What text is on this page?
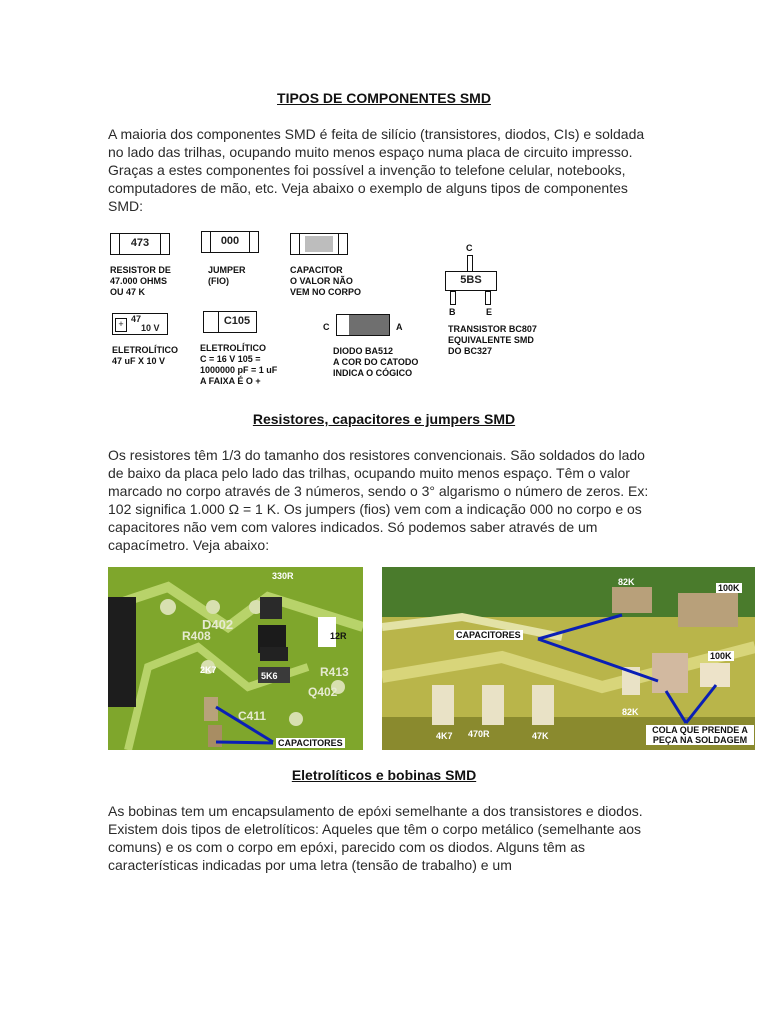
TIPOS DE COMPONENTES SMD
A maioria dos componentes SMD é feita de silício (transistores, diodos, CIs) e soldada no lado das trilhas, ocupando muito menos espaço numa placa de circuito impresso. Graças a estes componentes foi possível a invenção to telefone celular, notebooks, computadores de mão, etc. Veja abaixo o exemplo de alguns tipos de componentes SMD:
473
RESISTOR DE
47.000 OHMS
OU 47 K
000
JUMPER
(FIO)
CAPACITOR
O VALOR NÃO
VEM NO CORPO
C
5BS
B	E
TRANSISTOR BC807
EQUIVALENTE SMD
DO BC327
+ 47
10 V
ELETROLÍTICO
47 uF X 10 V
C105
ELETROLÍTICO
C = 16 V 105 =
1000000 pF = 1 uF
A FAIXA É O +
C	A
DIODO BA512
A COR DO CATODO
INDICA O CÓGICO
Resistores, capacitores e jumpers SMD
Os resistores têm 1/3 do tamanho dos resistores convencionais. São soldados do lado de baixo da placa pelo lado das trilhas, ocupando muito menos espaço. Têm o valor marcado no corpo através de 3 números, sendo o 3° algarismo o número de zeros. Ex: 102 significa 1.000 Ω = 1 K. Os jumpers (fios) vem com a indicação 000 no corpo e os capacitores não vem com valores indicados. Só podemos saber através de um capacímetro. Veja abaixo:
330R
D402
12R
R408
R413
2K7
5K6
Q402
C411
CAPACITORES
82K
100K
CAPACITORES
100K
82K
4K7 470R	47K
COLA QUE PRENDE A
PEÇA NA SOLDAGEM
Eletrolíticos e bobinas SMD
As bobinas tem um encapsulamento de epóxi semelhante a dos transistores e diodos. Existem dois tipos de eletrolíticos: Aqueles que têm o corpo metálico (semelhante aos comuns) e os com o corpo em epóxi, parecido com os diodos. Alguns têm as características indicadas por uma letra (tensão de trabalho) e um
